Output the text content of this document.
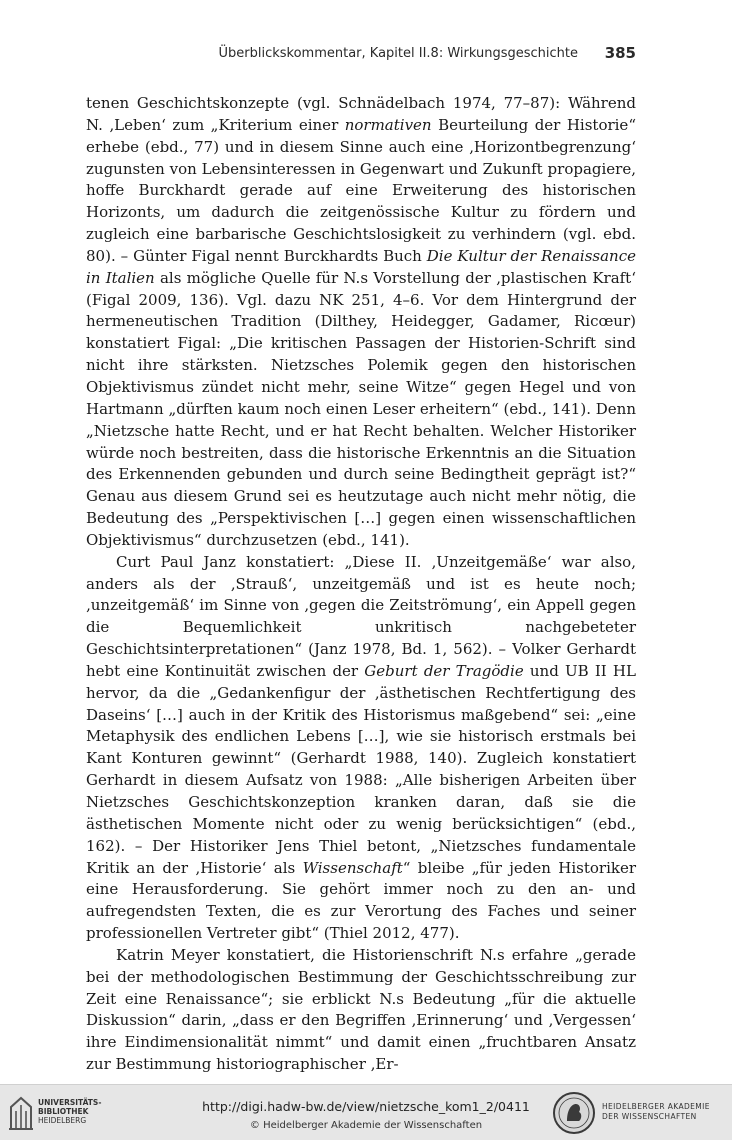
Überblickskommentar, Kapitel II.8: Wirkungsgeschichte 385

tenen Geschichtskonzepte (vgl. Schnädelbach 1974, 77–87): Während N. ‚Leben‘ zum „Kriterium einer normativen Beurteilung der Historie“ erhebe (ebd., 77) und in diesem Sinne auch eine ‚Horizontbegrenzung‘ zugunsten von Lebensinteressen in Gegenwart und Zukunft propagiere, hoffe Burckhardt gerade auf eine Erweiterung des historischen Horizonts, um dadurch die zeitgenössische Kultur zu fördern und zugleich eine barbarische Geschichtslosigkeit zu verhindern (vgl. ebd. 80). – Günter Figal nennt Burckhardts Buch Die Kultur der Renaissance in Italien als mögliche Quelle für N.s Vorstellung der ‚plastischen Kraft‘ (Figal 2009, 136). Vgl. dazu NK 251, 4–6. Vor dem Hintergrund der hermeneutischen Tradition (Dilthey, Heidegger, Gadamer, Ricœur) konstatiert Figal: „Die kritischen Passagen der Historien-Schrift sind nicht ihre stärksten. Nietzsches Polemik gegen den historischen Objektivismus zündet nicht mehr, seine Witze“ gegen Hegel und von Hartmann „dürften kaum noch einen Leser erheitern“ (ebd., 141). Denn „Nietzsche hatte Recht, und er hat Recht behalten. Welcher Historiker würde noch bestreiten, dass die historische Erkenntnis an die Situation des Erkennenden gebunden und durch seine Bedingtheit geprägt ist?“ Genau aus diesem Grund sei es heutzutage auch nicht mehr nötig, die Bedeutung des „Perspektivischen […] gegen einen wissenschaftlichen Objektivismus“ durchzusetzen (ebd., 141).

Curt Paul Janz konstatiert: „Diese II. ‚Unzeitgemäße‘ war also, anders als der ‚Strauß‘, unzeitgemäß und ist es heute noch; ‚unzeitgemäß‘ im Sinne von ‚gegen die Zeitströmung‘, ein Appell gegen die Bequemlichkeit unkritisch nachgebeteter Geschichtsinterpretationen“ (Janz 1978, Bd. 1, 562). – Volker Gerhardt hebt eine Kontinuität zwischen der Geburt der Tragödie und UB II HL hervor, da die „Gedankenfigur der ‚ästhetischen Rechtfertigung des Daseins‘ […] auch in der Kritik des Historismus maßgebend“ sei: „eine Metaphysik des endlichen Lebens […], wie sie historisch erstmals bei Kant Konturen gewinnt“ (Gerhardt 1988, 140). Zugleich konstatiert Gerhardt in diesem Aufsatz von 1988: „Alle bisherigen Arbeiten über Nietzsches Geschichtskonzeption kranken daran, daß sie die ästhetischen Momente nicht oder zu wenig berücksichtigen“ (ebd., 162). – Der Historiker Jens Thiel betont, „Nietzsches fundamentale Kritik an der ‚Historie‘ als Wissenschaft“ bleibe „für jeden Historiker eine Herausforderung. Sie gehört immer noch zu den an- und aufregendsten Texten, die es zur Verortung des Faches und seiner professionellen Vertreter gibt“ (Thiel 2012, 477).

Katrin Meyer konstatiert, die Historienschrift N.s erfahre „gerade bei der methodologischen Bestimmung der Geschichtsschreibung zur Zeit eine Renaissance“; sie erblickt N.s Bedeutung „für die aktuelle Diskussion“ darin, „dass er den Begriffen ‚Erinnerung‘ und ‚Vergessen‘ ihre Eindimensionalität nimmt“ und damit einen „fruchtbaren Ansatz zur Bestimmung historiographischer ‚Er-

UNIVERSITÄTS-
BIBLIOTHEK
HEIDELBERG
http://digi.hadw-bw.de/view/nietzsche_kom1_2/0411
© Heidelberger Akademie der Wissenschaften
HEIDELBERGER AKADEMIE
DER WISSENSCHAFTEN
